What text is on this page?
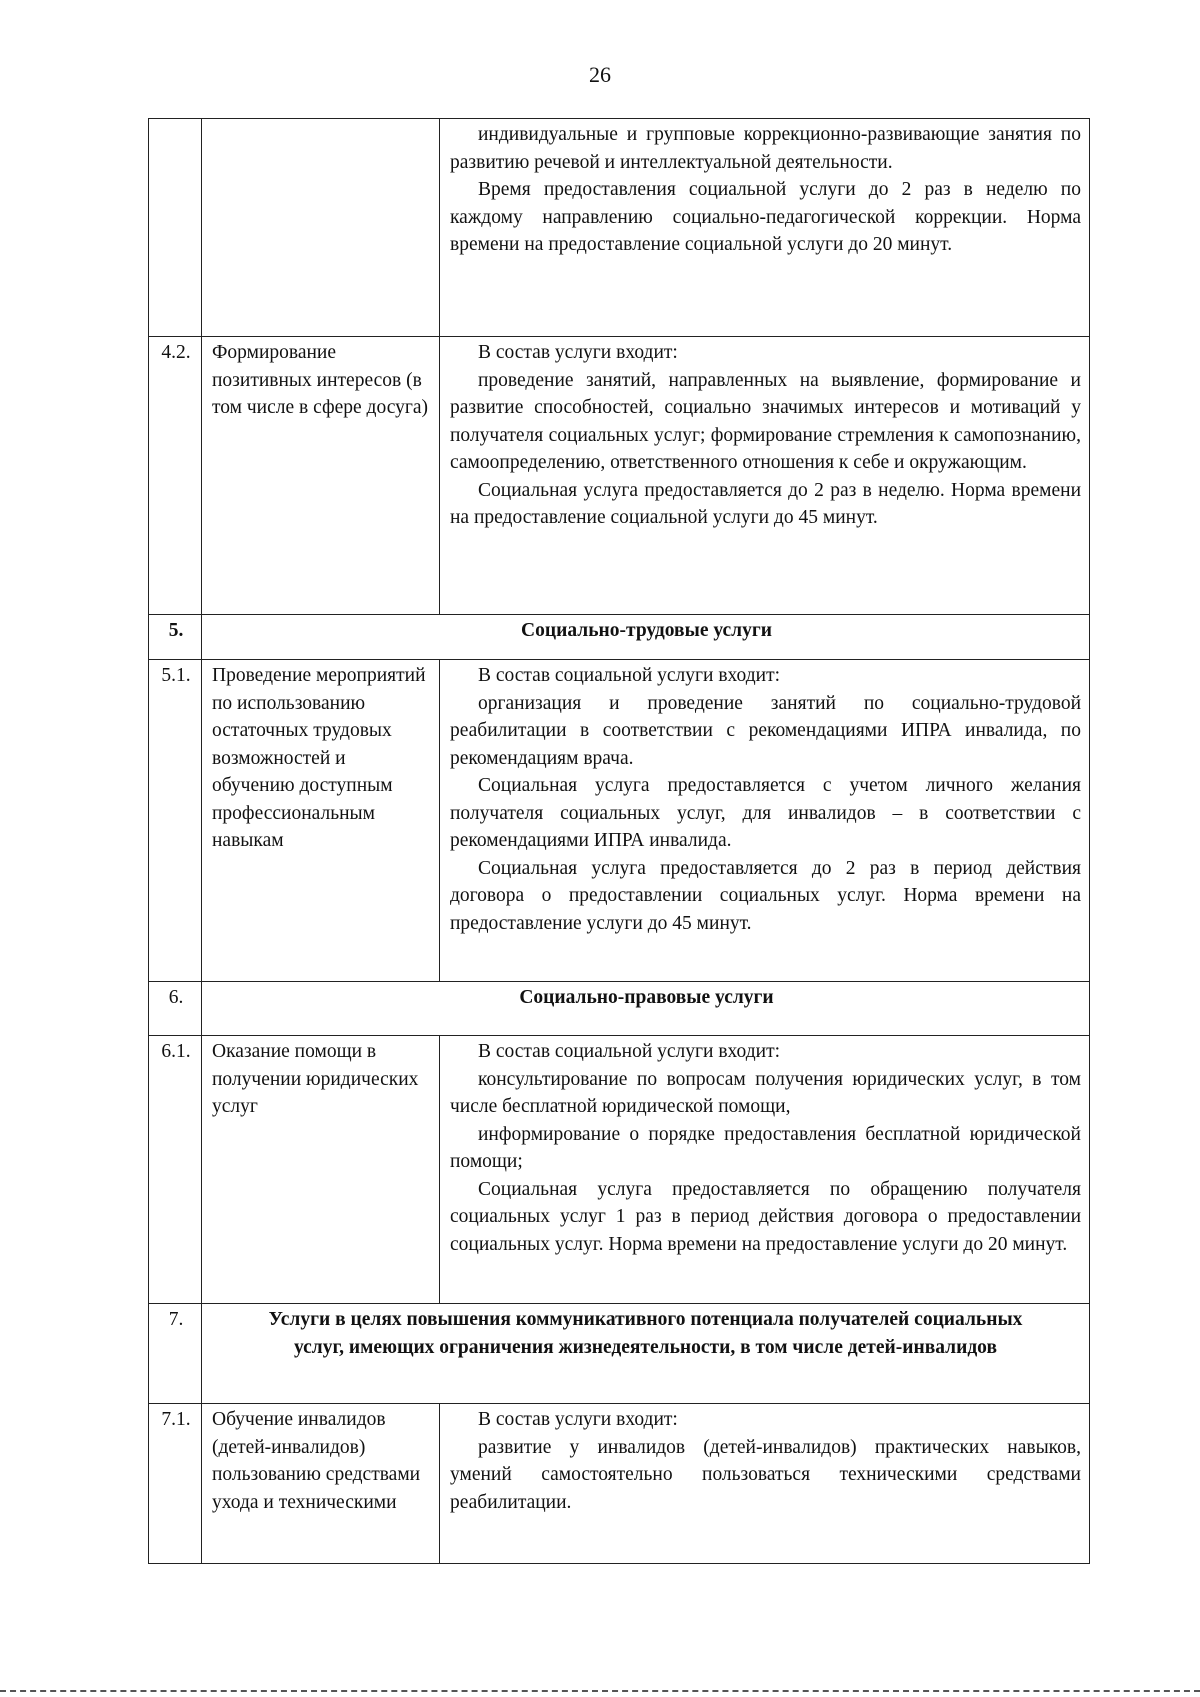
26

		индивидуальные и групповые коррекционно-развивающие занятия по развитию речевой и интеллектуальной деятельности.

Время предоставления социальной услуги до 2 раз в неделю по каждому направлению социально-педагогической коррекции. Норма времени на предоставление социальной услуги до 20 минут.

4.2.	Формирование позитивных интересов (в том числе в сфере досуга)	В состав услуги входит:

проведение занятий, направленных на выявление, формирование и развитие способностей, социально значимых интересов и мотиваций у получателя социальных услуг; формирование стремления к самопознанию, самоопределению, ответственного отношения к себе и окружающим.

Социальная услуга предоставляется до 2 раз в неделю. Норма времени на предоставление социальной услуги до 45 минут.

5.	Социально-трудовые услуги	
5.1.	Проведение мероприятий по использованию остаточных трудовых возможностей и обучению доступным профессиональным навыкам	В состав социальной услуги входит:

организация и проведение занятий по социально-трудовой реабилитации в соответствии с рекомендациями ИПРА инвалида, по рекомендациям врача.

Социальная услуга предоставляется с учетом личного желания получателя социальных услуг, для инвалидов – в соответствии с рекомендациями ИПРА инвалида.

Социальная услуга предоставляется до 2 раз в период действия договора о предоставлении социальных услуг. Норма времени на предоставление услуги до 45 минут.

6.	Социально-правовые услуги	
6.1.	Оказание помощи в получении юридических услуг	В состав социальной услуги входит:

консультирование по вопросам получения юридических услуг, в том числе бесплатной юридической помощи,

информирование о порядке предоставления бесплатной юридической помощи;

Социальная услуга предоставляется по обращению получателя социальных услуг 1 раз в период действия договора о предоставлении социальных услуг. Норма времени на предоставление услуги до 20 минут.

7.	Услуги в целях повышения коммуникативного потенциала получателей социальных услуг, имеющих ограничения жизнедеятельности, в том числе детей-инвалидов	
7.1.	Обучение инвалидов (детей-инвалидов) пользованию средствами ухода и техническими	В состав услуги входит:

развитие у инвалидов (детей-инвалидов) практических навыков, умений самостоятельно пользоваться техническими средствами реабилитации.
